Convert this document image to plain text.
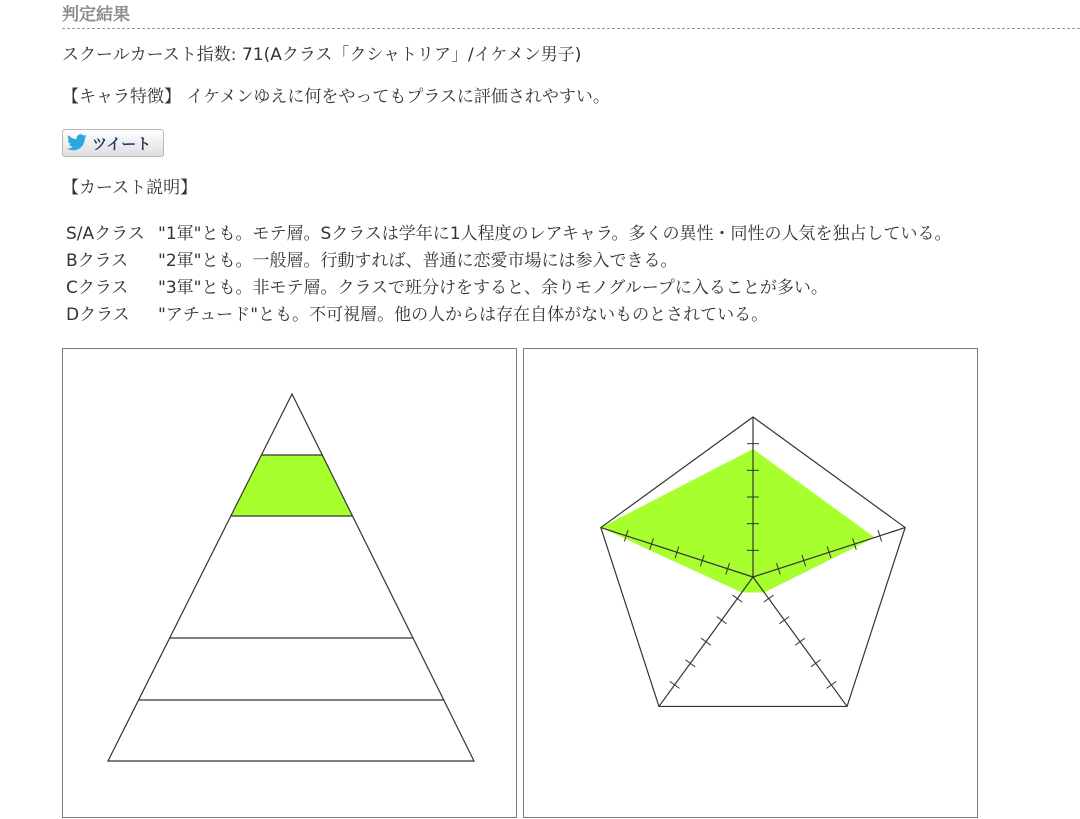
判定結果
スクールカースト指数: 71(Aクラス「クシャトリア」/イケメン男子)
【キャラ特徴】 イケメンゆえに何をやってもプラスに評価されやすい。
ツイート
【カースト説明】
S/Aクラス "1軍"とも。モテ層。Sクラスは学年に1人程度のレアキャラ。多くの異性・同性の人気を独占している。
Bクラス	"2軍"とも。一般層。行動すれば、普通に恋愛市場には参入できる。
Cクラス	"3軍"とも。非モテ層。クラスで班分けをすると、余りモノグループに入ることが多い。
Dクラス	"アチュード"とも。不可視層。他の人からは存在自体がないものとされている。
